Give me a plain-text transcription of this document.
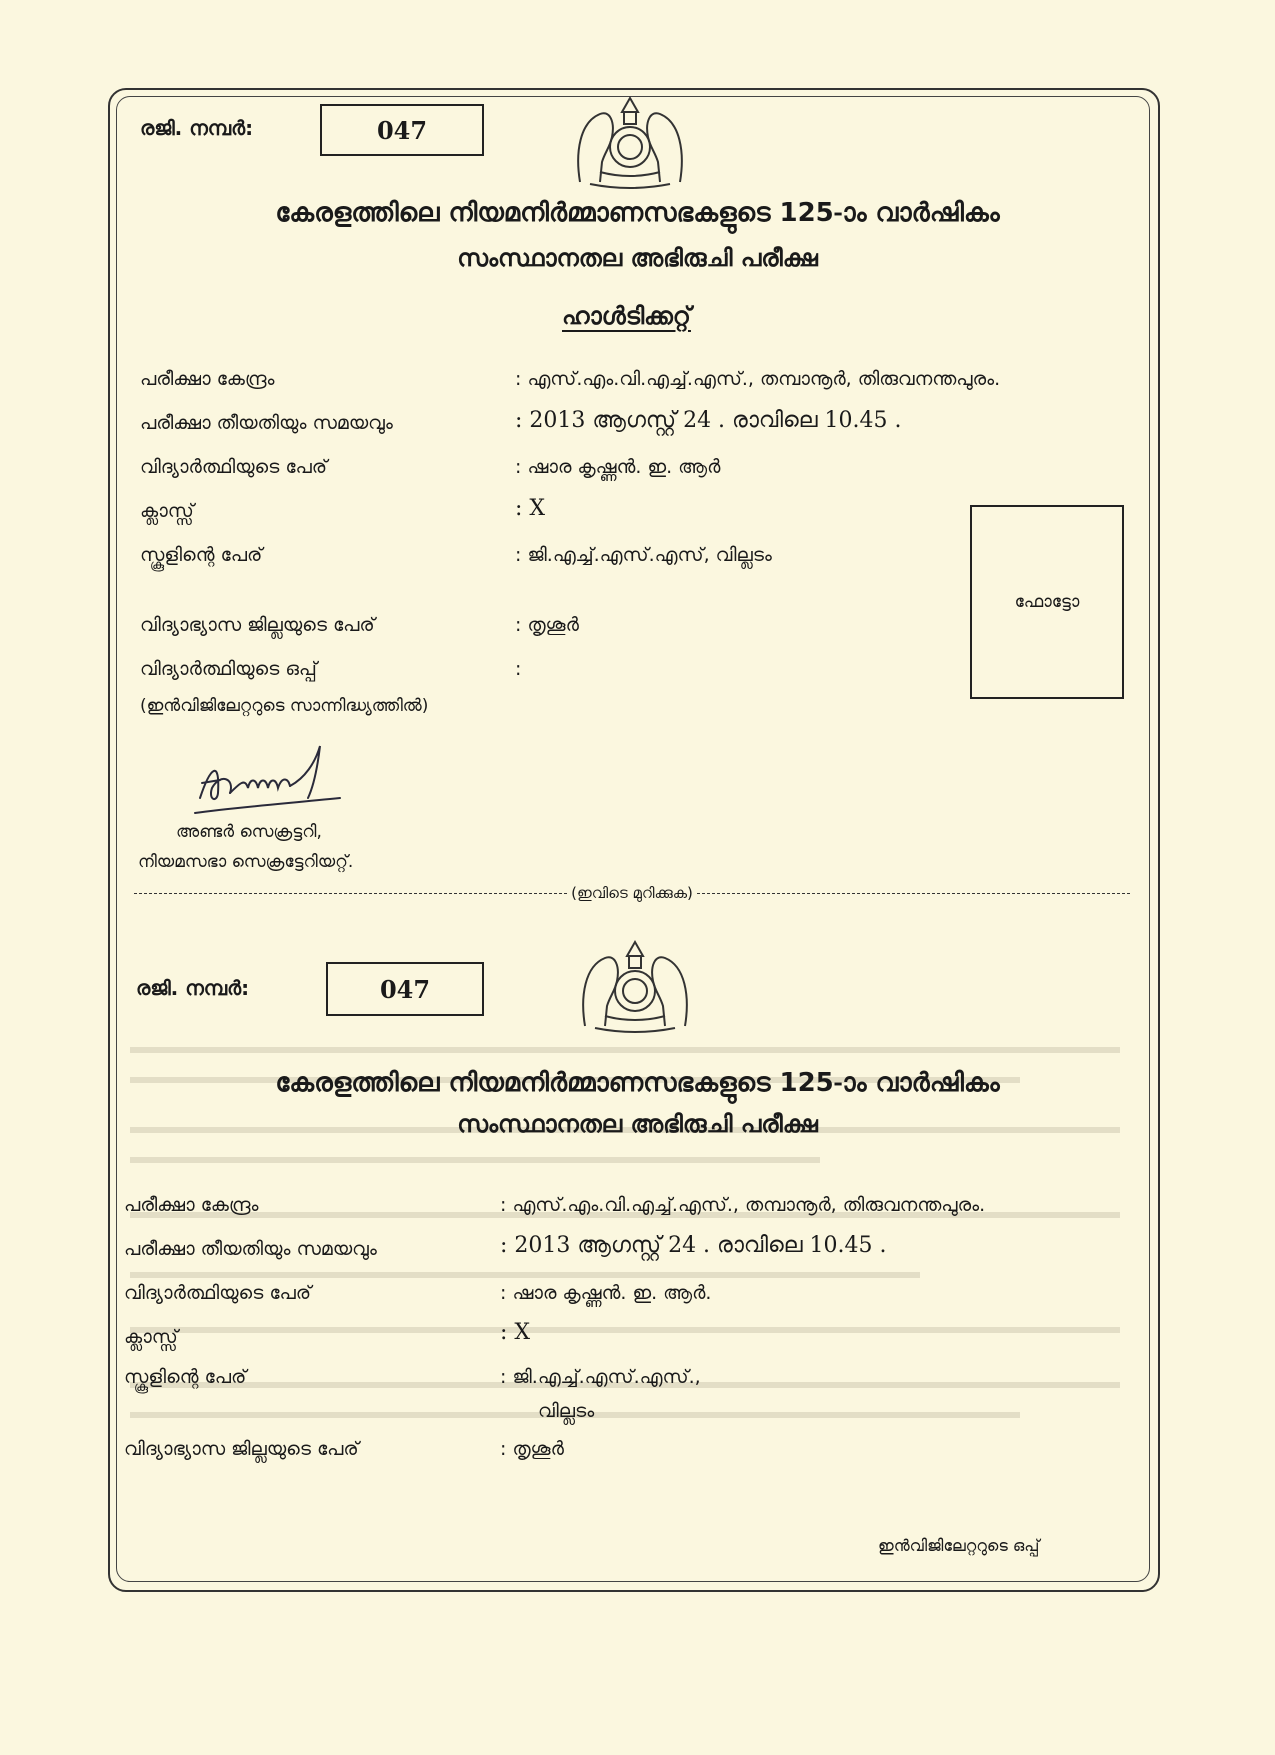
രജി. നമ്പർ:	047
കേരളത്തിലെ നിയമനിർമ്മാണസഭകളുടെ 125-ാം വാർഷികം
സംസ്ഥാനതല അഭിരുചി പരീക്ഷ
ഹാൾടിക്കറ്റ്
പരീക്ഷാ കേന്ദ്രം	: എസ്.എം.വി.എച്ച്.എസ്., തമ്പാനൂർ, തിരുവനന്തപുരം.
പരീക്ഷാ തീയതിയും സമയവും	: 2013 ആഗസ്റ്റ് 24 . രാവിലെ 10.45 .
വിദ്യാർത്ഥിയുടെ പേര്	: ഷാര കൃഷ്ണൻ. ഇ. ആർ
ക്ലാസ്സ്	: X
സ്കൂളിന്റെ പേര്	: ജി.എച്ച്.എസ്.എസ്, വില്ലടം
വിദ്യാഭ്യാസ ജില്ലയുടെ പേര്	: തൃശൂർ
വിദ്യാർത്ഥിയുടെ ഒപ്പ്	:
(ഇൻവിജിലേറ്ററുടെ സാന്നിദ്ധ്യത്തിൽ)
ഫോട്ടോ
അണ്ടർ സെക്രട്ടറി,
നിയമസഭാ സെക്രട്ടേറിയറ്റ്.
(ഇവിടെ മുറിക്കുക)
രജി. നമ്പർ:	047
കേരളത്തിലെ നിയമനിർമ്മാണസഭകളുടെ 125-ാം വാർഷികം
സംസ്ഥാനതല അഭിരുചി പരീക്ഷ
പരീക്ഷാ കേന്ദ്രം	: എസ്.എം.വി.എച്ച്.എസ്., തമ്പാനൂർ, തിരുവനന്തപുരം.
പരീക്ഷാ തീയതിയും സമയവും	: 2013 ആഗസ്റ്റ് 24 . രാവിലെ 10.45 .
വിദ്യാർത്ഥിയുടെ പേര്	: ഷാര കൃഷ്ണൻ. ഇ. ആർ.
ക്ലാസ്സ്	: X
സ്കൂളിന്റെ പേര്	: ജി.എച്ച്.എസ്.എസ്.,
വില്ലടം
വിദ്യാഭ്യാസ ജില്ലയുടെ പേര്	: തൃശൂർ
ഇൻവിജിലേറ്ററുടെ ഒപ്പ്
